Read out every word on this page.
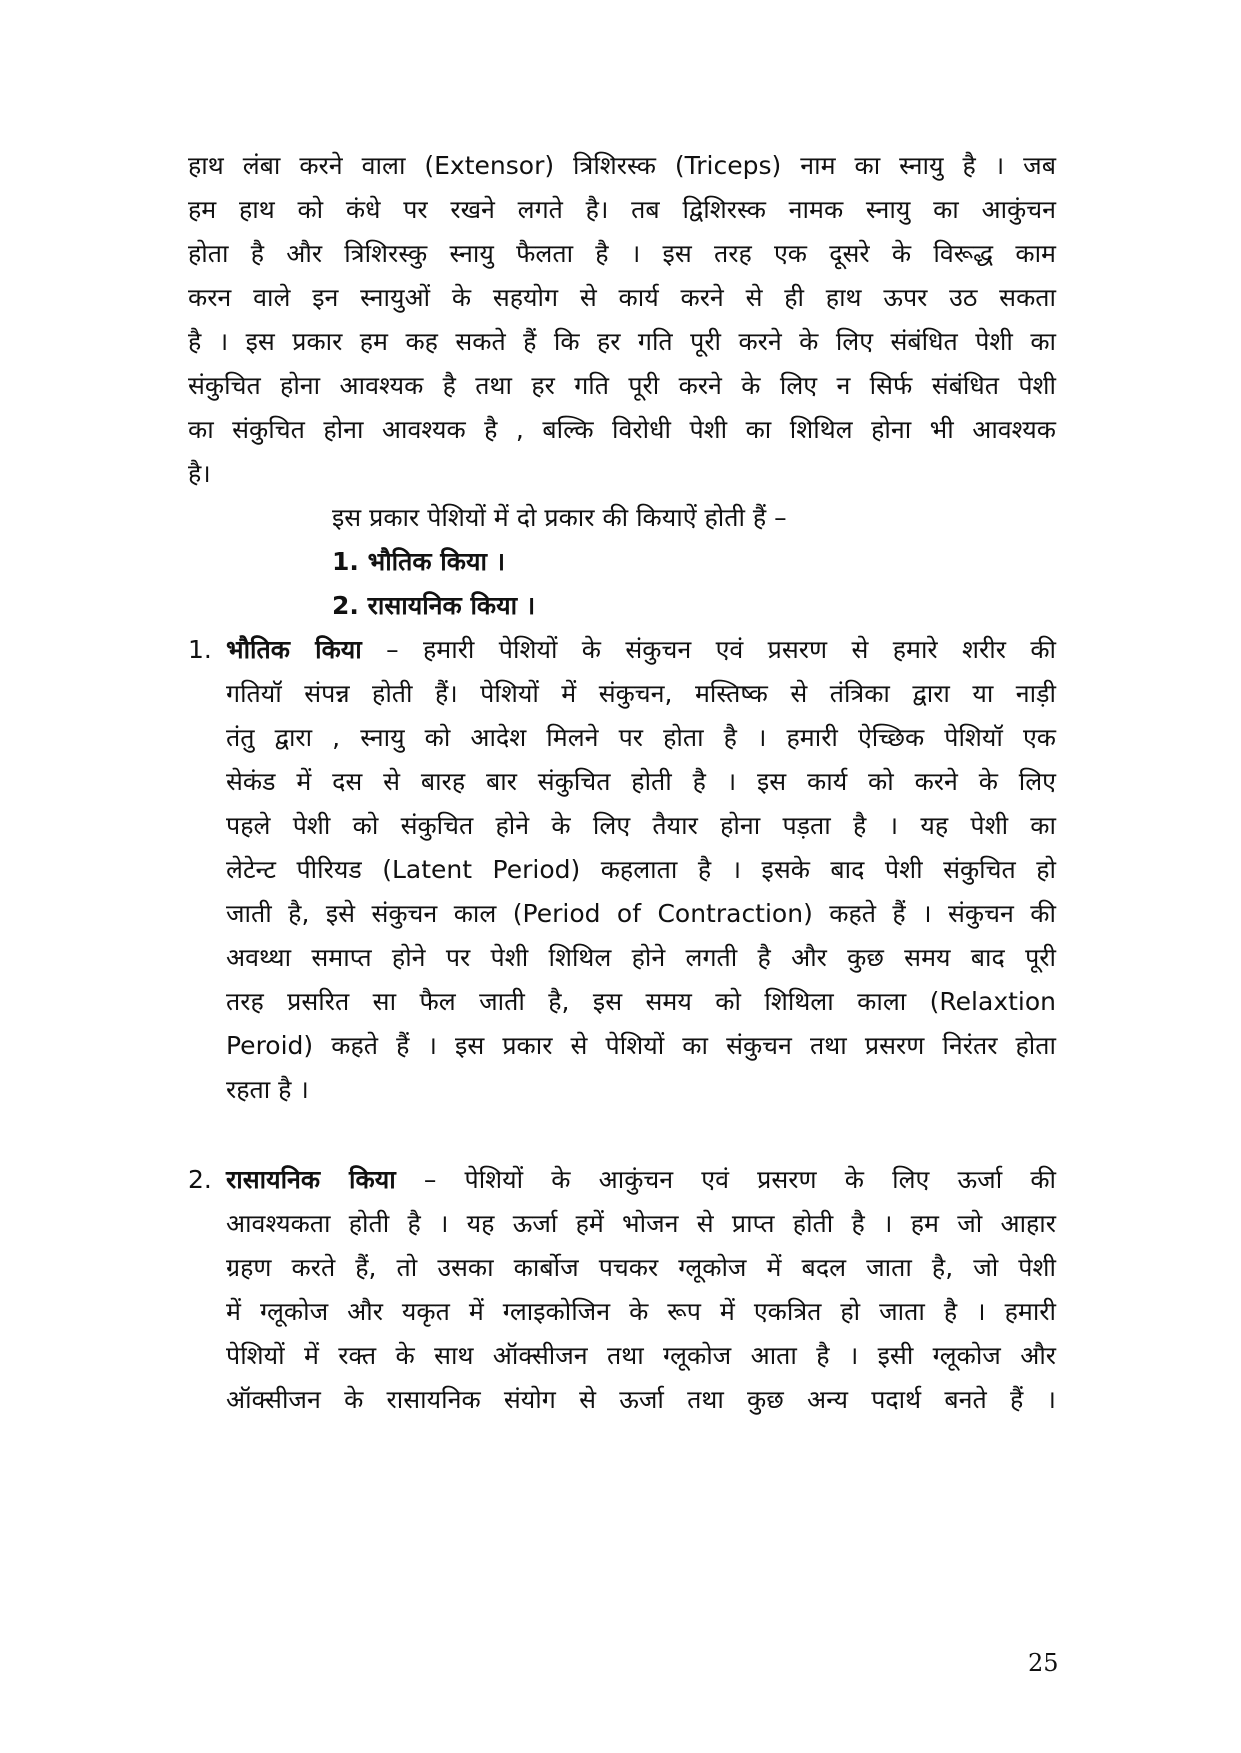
हाथ लंबा करने वाला (Extensor) त्रिशिरस्क (Triceps) नाम का स्नायु है । जब
हम हाथ को कंधे पर रखने लगते है। तब द्विशिरस्क नामक स्नायु का आकुंचन
होता है और त्रिशिरस्कु स्नायु फैलता है । इस तरह एक दूसरे के विरूद्ध काम
करन वाले इन स्नायुओं के सहयोग से कार्य करने से ही हाथ ऊपर उठ सकता
है । इस प्रकार हम कह सकते हैं कि हर गति पूरी करने के लिए संबंधित पेशी का
संकुचित होना आवश्यक है तथा हर गति पूरी करने के लिए न सिर्फ संबंधित पेशी
का संकुचित होना आवश्यक है , बल्कि विरोधी पेशी का शिथिल होना भी आवश्यक
है।
इस प्रकार पेशियों में दो प्रकार की कियाऐं होती हैं –
1. भौतिक किया ।
2. रासायनिक किया ।
1. भौतिक किया – हमारी पेशियों के संकुचन एवं प्रसरण से हमारे शरीर की
गतियॉ संपन्न होती हैं। पेशियों में संकुचन, मस्तिष्क से तंत्रिका द्वारा या नाड़ी
तंतु द्वारा , स्नायु को आदेश मिलने पर होता है । हमारी ऐच्छिक पेशियॉ एक
सेकंड में दस से बारह बार संकुचित होती है । इस कार्य को करने के लिए
पहले पेशी को संकुचित होने के लिए तैयार होना पड़ता है । यह पेशी का
लेटेन्ट पीरियड (Latent Period) कहलाता है । इसके बाद पेशी संकुचित हो
जाती है, इसे संकुचन काल (Period of Contraction) कहते हैं । संकुचन की
अवथ्था समाप्त होने पर पेशी शिथिल होने लगती है और कुछ समय बाद पूरी
तरह प्रसरित सा फैल जाती है, इस समय को शिथिला काला (Relaxtion
Peroid) कहते हैं । इस प्रकार से पेशियों का संकुचन तथा प्रसरण निरंतर होता
रहता है ।
2. रासायनिक किया – पेशियों के आकुंचन एवं प्रसरण के लिए ऊर्जा की
आवश्यकता होती है । यह ऊर्जा हमें भोजन से प्राप्त होती है । हम जो आहार
ग्रहण करते हैं, तो उसका कार्बोज पचकर ग्लूकोज में बदल जाता है, जो पेशी
में ग्लूकोज और यकृत में ग्लाइकोजिन के रूप में एकत्रित हो जाता है । हमारी
पेशियों में रक्त के साथ ऑक्सीजन तथा ग्लूकोज आता है । इसी ग्लूकोज और
ऑक्सीजन के रासायनिक संयोग से ऊर्जा तथा कुछ अन्य पदार्थ बनते हैं ।
25
